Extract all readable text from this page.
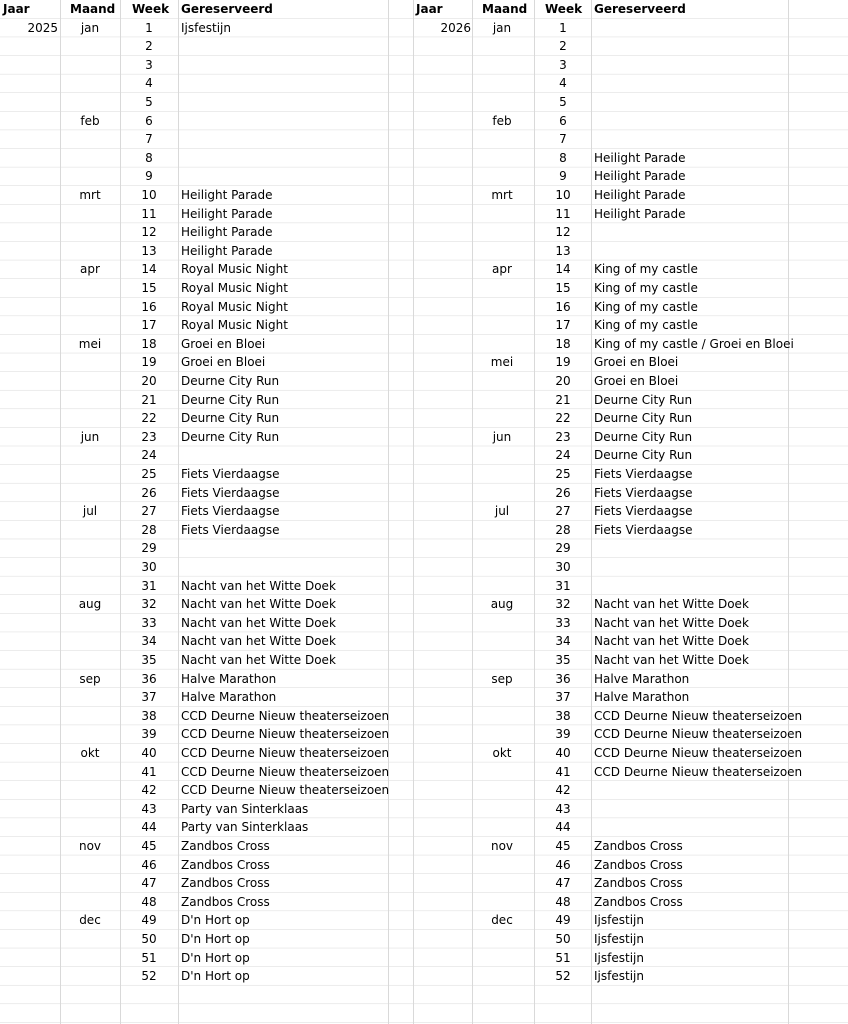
Jaar	Maand Week Gereserveerd
2025
Jaar	Maand Week Gereserveerd
2026
jan
feb
mrt
apr
mei
jun
jul
aug
sep
okt
nov
dec
1
2
3
4
5
6
7
8
9
10
11
12
13
14
15
16
17
18
19
20
21
22
23
24
25
26
27
28
29
30
31
32
33
34
35
36
37
38
39
40
41
42
43
44
45
46
47
48
49
50
51
52
Ijsfestijn
Heilight Parade
Heilight Parade
Heilight Parade
Heilight Parade
Royal Music Night
Royal Music Night
Royal Music Night
Royal Music Night
Groei en Bloei
Groei en Bloei
Deurne City Run
Deurne City Run
Deurne City Run
Deurne City Run
Fiets Vierdaagse
Fiets Vierdaagse
Fiets Vierdaagse
Fiets Vierdaagse
Nacht van het Witte Doek
Nacht van het Witte Doek
Nacht van het Witte Doek
Nacht van het Witte Doek
Nacht van het Witte Doek
Halve Marathon
Halve Marathon
CCD Deurne Nieuw theaterseizoen
CCD Deurne Nieuw theaterseizoen
CCD Deurne Nieuw theaterseizoen
CCD Deurne Nieuw theaterseizoen
CCD Deurne Nieuw theaterseizoen
Party van Sinterklaas
Party van Sinterklaas
Zandbos Cross
Zandbos Cross
Zandbos Cross
Zandbos Cross
D'n Hort op
D'n Hort op
D'n Hort op
D'n Hort op
jan
feb
mrt
apr
mei
jun
jul
aug
sep
okt
nov
dec
1
2
3
4
5
6
7
8
9
10
11
12
13
14
15
16
17
18
19
20
21
22
23
24
25
26
27
28
29
30
31
32
33
34
35
36
37
38
39
40
41
42
43
44
45
46
47
48
49
50
51
52
Heilight Parade
Heilight Parade
Heilight Parade
Heilight Parade
King of my castle
King of my castle
King of my castle
King of my castle
King of my castle / Groei en Bloei
Groei en Bloei
Groei en Bloei
Deurne City Run
Deurne City Run
Deurne City Run
Deurne City Run
Fiets Vierdaagse
Fiets Vierdaagse
Fiets Vierdaagse
Fiets Vierdaagse
Nacht van het Witte Doek
Nacht van het Witte Doek
Nacht van het Witte Doek
Nacht van het Witte Doek
Halve Marathon
Halve Marathon
CCD Deurne Nieuw theaterseizoen
CCD Deurne Nieuw theaterseizoen
CCD Deurne Nieuw theaterseizoen
CCD Deurne Nieuw theaterseizoen
Zandbos Cross
Zandbos Cross
Zandbos Cross
Zandbos Cross
Ijsfestijn
Ijsfestijn
Ijsfestijn
Ijsfestijn
